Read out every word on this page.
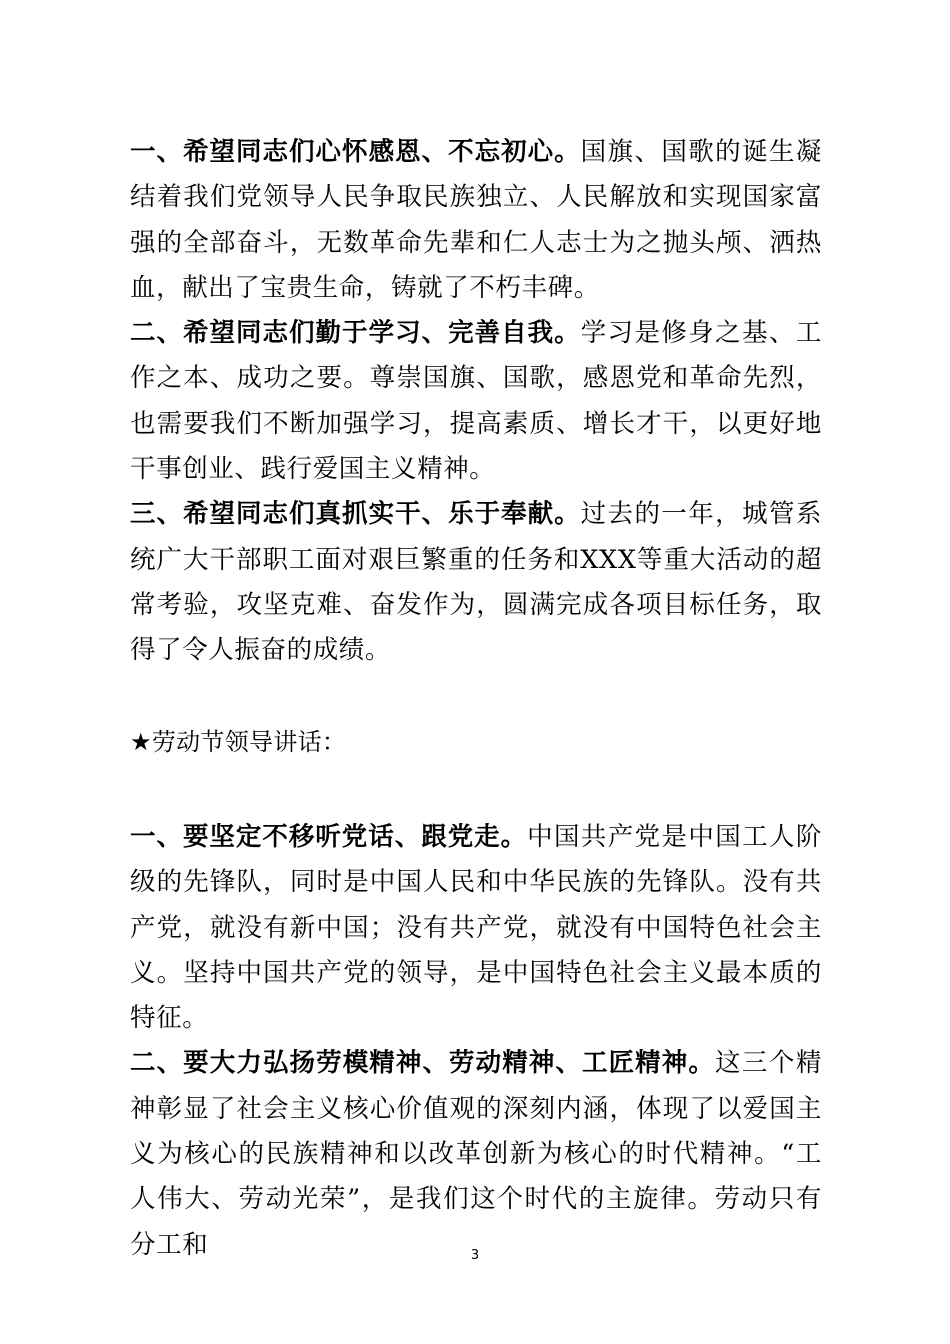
一、希望同志们心怀感恩、不忘初心。国旗、国歌的诞生凝结着我们党领导人民争取民族独立、人民解放和实现国家富强的全部奋斗，无数革命先辈和仁人志士为之抛头颅、洒热血，献出了宝贵生命，铸就了不朽丰碑。

二、希望同志们勤于学习、完善自我。学习是修身之基、工作之本、成功之要。尊崇国旗、国歌，感恩党和革命先烈，也需要我们不断加强学习，提高素质、增长才干，以更好地干事创业、践行爱国主义精神。

三、希望同志们真抓实干、乐于奉献。过去的一年，城管系统广大干部职工面对艰巨繁重的任务和XXX等重大活动的超常考验，攻坚克难、奋发作为，圆满完成各项目标任务，取得了令人振奋的成绩。

★劳动节领导讲话：

一、要坚定不移听党话、跟党走。中国共产党是中国工人阶级的先锋队，同时是中国人民和中华民族的先锋队。没有共产党，就没有新中国；没有共产党，就没有中国特色社会主义。坚持中国共产党的领导，是中国特色社会主义最本质的特征。

二、要大力弘扬劳模精神、劳动精神、工匠精神。这三个精神彰显了社会主义核心价值观的深刻内涵，体现了以爱国主义为核心的民族精神和以改革创新为核心的时代精神。“工人伟大、劳动光荣”，是我们这个时代的主旋律。劳动只有分工和	3
